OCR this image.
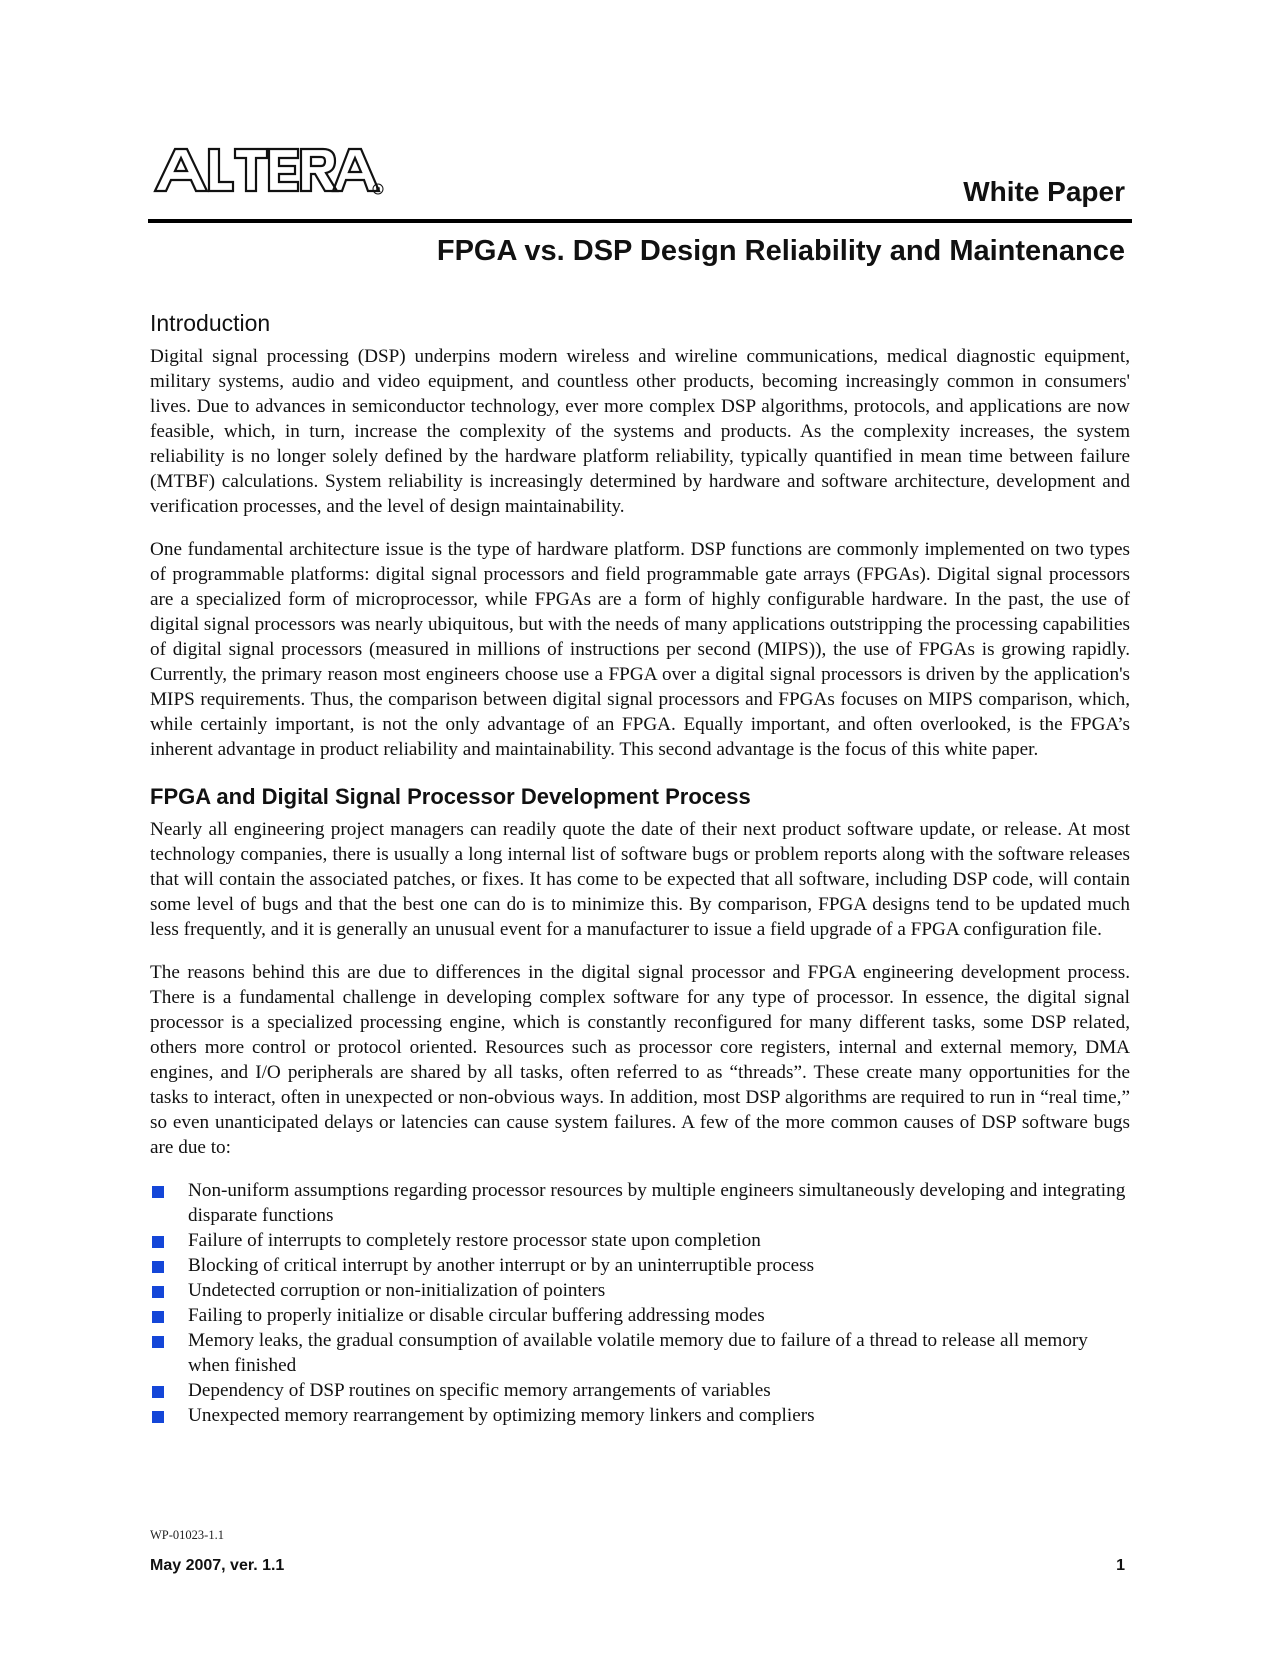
R	White Paper
FPGA vs. DSP Design Reliability and Maintenance
Introduction

Digital signal processing (DSP) underpins modern wireless and wireline communications, medical diagnostic equipment, military systems, audio and video equipment, and countless other products, becoming increasingly common in consumers' lives. Due to advances in semiconductor technology, ever more complex DSP algorithms, protocols, and applications are now feasible, which, in turn, increase the complexity of the systems and products. As the complexity increases, the system reliability is no longer solely defined by the hardware platform reliability, typically quantified in mean time between failure (MTBF) calculations. System reliability is increasingly determined by hardware and software architecture, development and verification processes, and the level of design maintainability.

One fundamental architecture issue is the type of hardware platform. DSP functions are commonly implemented on two types of programmable platforms: digital signal processors and field programmable gate arrays (FPGAs). Digital signal processors are a specialized form of microprocessor, while FPGAs are a form of highly configurable hardware. In the past, the use of digital signal processors was nearly ubiquitous, but with the needs of many applications outstripping the processing capabilities of digital signal processors (measured in millions of instructions per second (MIPS)), the use of FPGAs is growing rapidly. Currently, the primary reason most engineers choose use a FPGA over a digital signal processors is driven by the application's MIPS requirements. Thus, the comparison between digital signal processors and FPGAs focuses on MIPS comparison, which, while certainly important, is not the only advantage of an FPGA. Equally important, and often overlooked, is the FPGA’s inherent advantage in product reliability and maintainability. This second advantage is the focus of this white paper.

FPGA and Digital Signal Processor Development Process

Nearly all engineering project managers can readily quote the date of their next product software update, or release. At most technology companies, there is usually a long internal list of software bugs or problem reports along with the software releases that will contain the associated patches, or fixes. It has come to be expected that all software, including DSP code, will contain some level of bugs and that the best one can do is to minimize this. By comparison, FPGA designs tend to be updated much less frequently, and it is generally an unusual event for a manufacturer to issue a field upgrade of a FPGA configuration file.

The reasons behind this are due to differences in the digital signal processor and FPGA engineering development process. There is a fundamental challenge in developing complex software for any type of processor. In essence, the digital signal processor is a specialized processing engine, which is constantly reconfigured for many different tasks, some DSP related, others more control or protocol oriented. Resources such as processor core registers, internal and external memory, DMA engines, and I/O peripherals are shared by all tasks, often referred to as “threads”. These create many opportunities for the tasks to interact, often in unexpected or non-obvious ways. In addition, most DSP algorithms are required to run in “real time,” so even unanticipated delays or latencies can cause system failures. A few of the more common causes of DSP software bugs are due to:

Non-uniform assumptions regarding processor resources by multiple engineers simultaneously developing and integrating disparate functions
Failure of interrupts to completely restore processor state upon completion
Blocking of critical interrupt by another interrupt or by an uninterruptible process
Undetected corruption or non-initialization of pointers
Failing to properly initialize or disable circular buffering addressing modes
Memory leaks, the gradual consumption of available volatile memory due to failure of a thread to release all memory when finished
Dependency of DSP routines on specific memory arrangements of variables
Unexpected memory rearrangement by optimizing memory linkers and compliers
WP-01023-1.1
May 2007, ver. 1.1	1
